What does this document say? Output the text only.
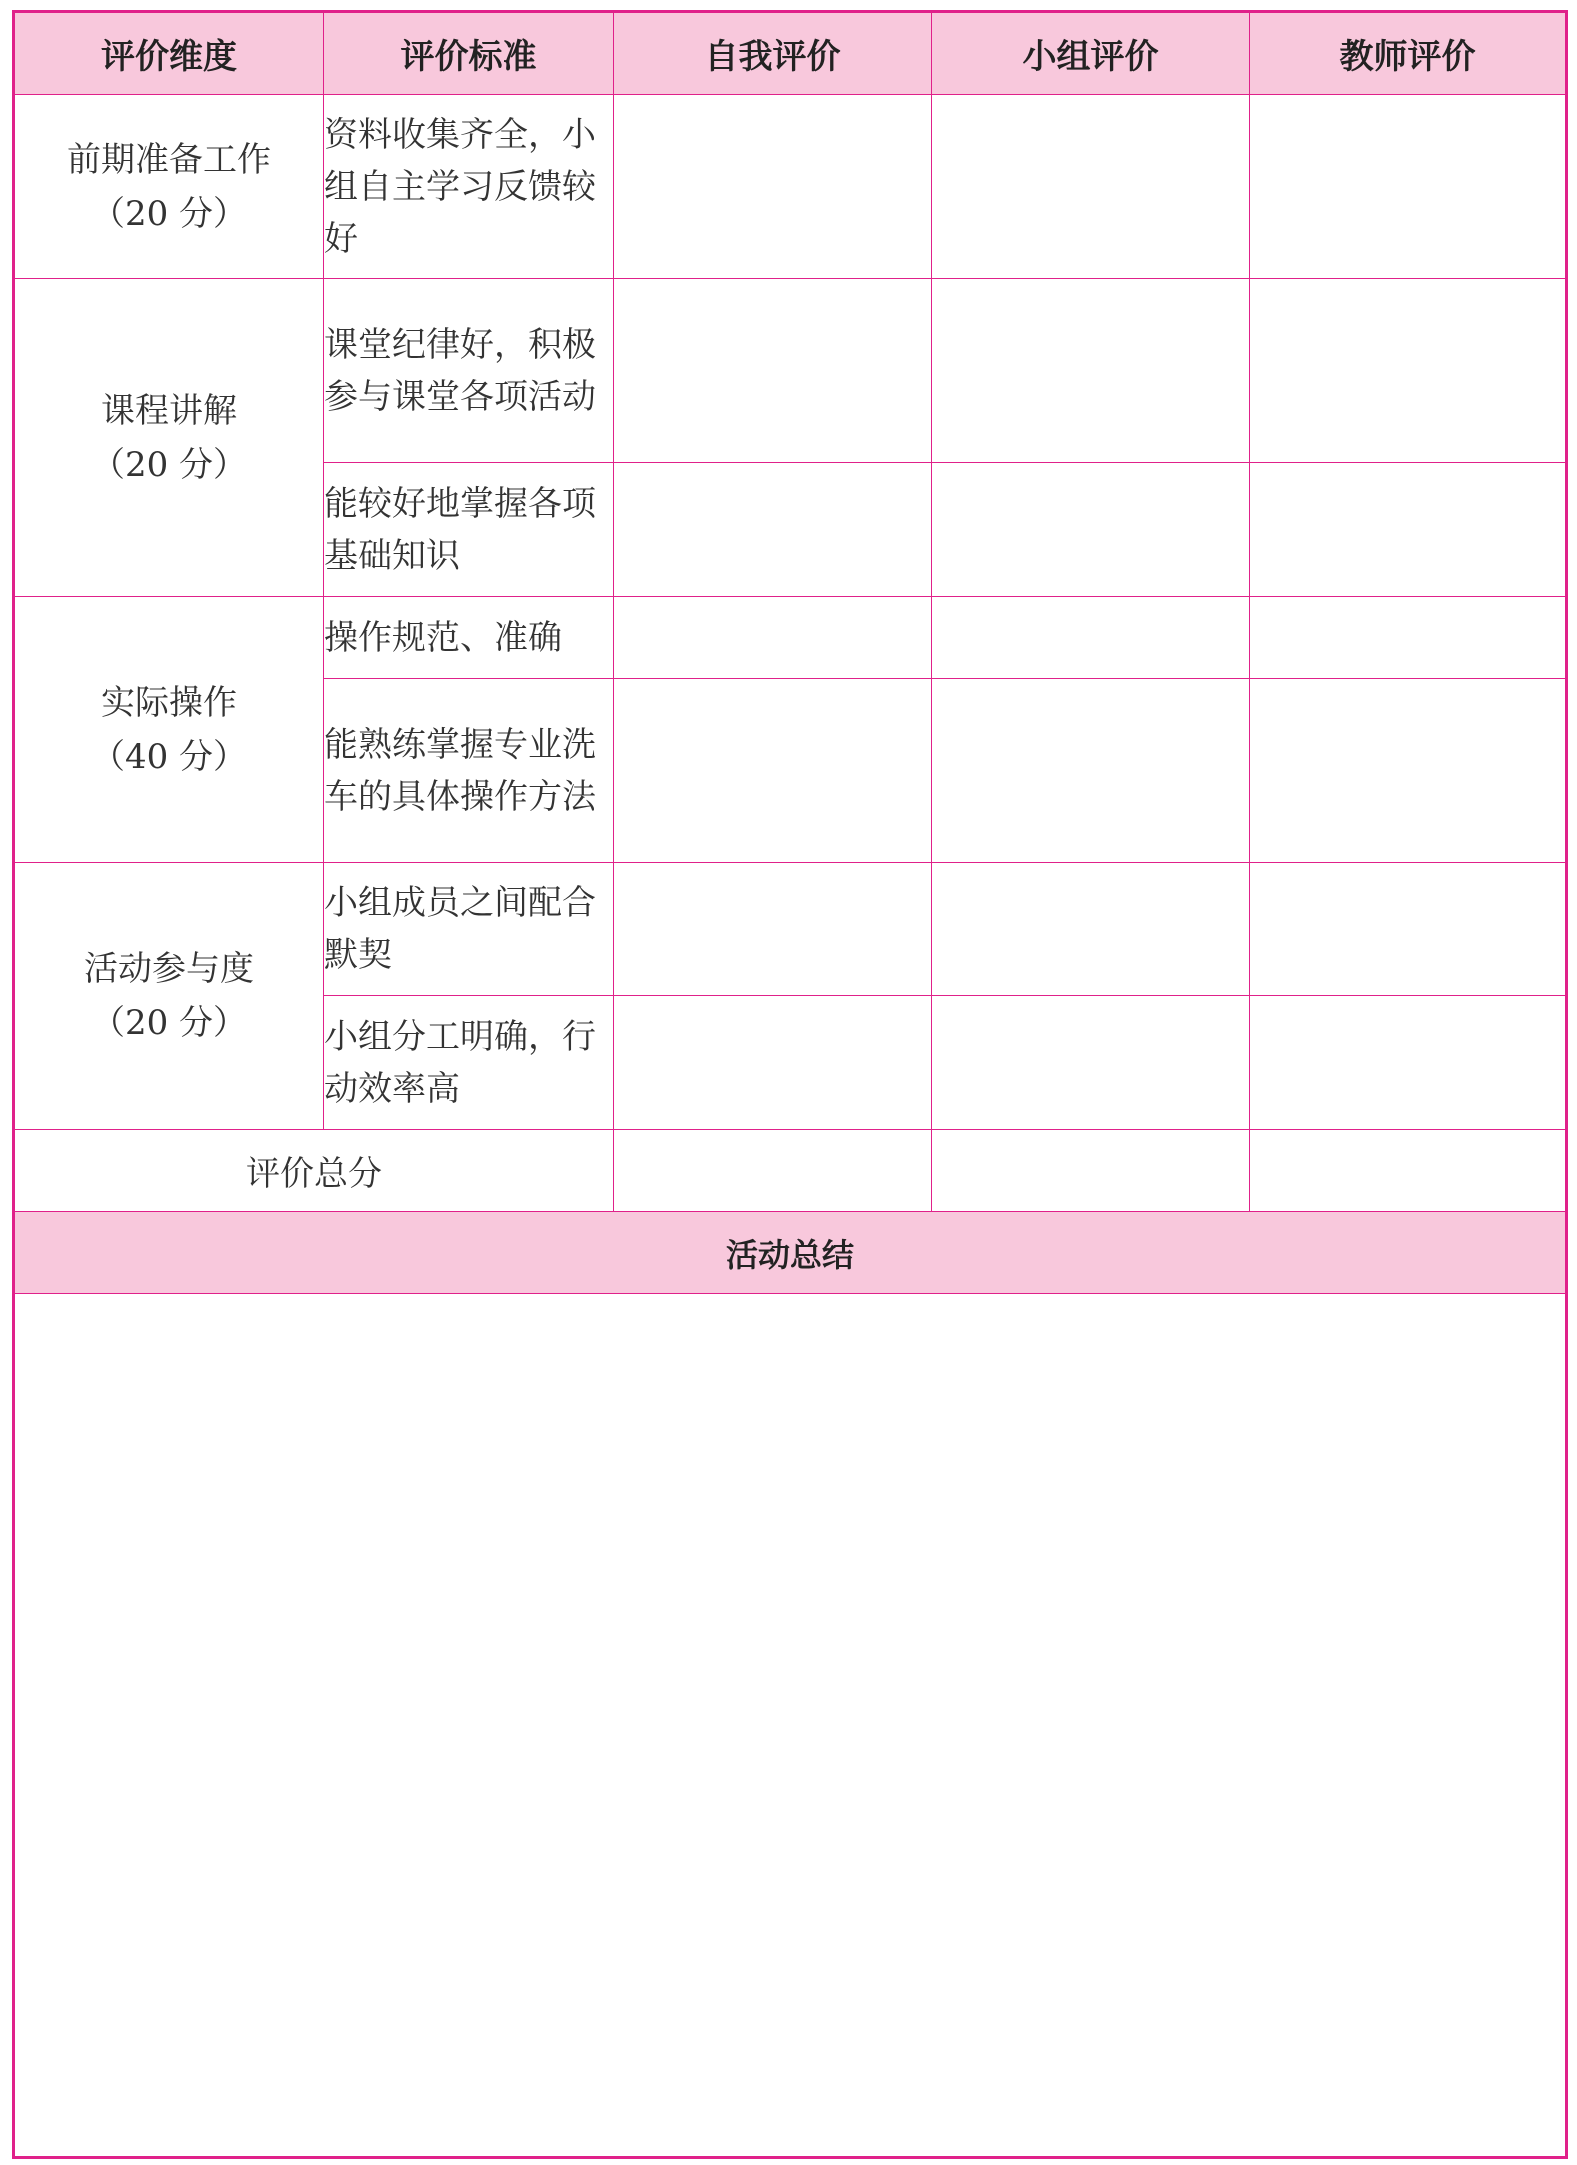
评价维度	评价标准	自我评价	小组评价	教师评价

前期准备工作
（20 分）	资料收集齐全，小组自主学习反馈较好			

课程讲解
（20 分）	课堂纪律好，积极参与课堂各项活动			
	能较好地掌握各项基础知识			

实际操作
（40 分）	操作规范、准确			
	能熟练掌握专业洗车的具体操作方法			

活动参与度
（20 分）	小组成员之间配合默契			
	小组分工明确，行动效率高			
评价总分				
活动总结				
